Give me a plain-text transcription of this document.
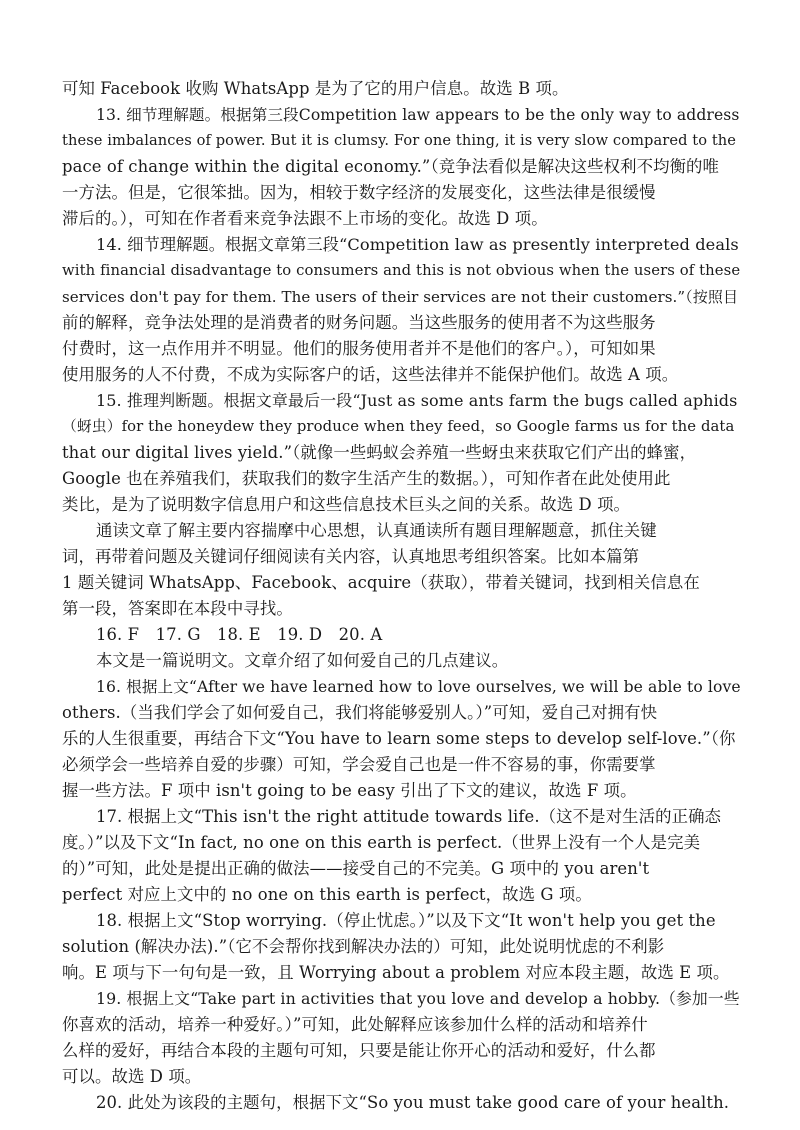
可知 Facebook 收购 WhatsApp 是为了它的用户信息。故选 B 项。
13. 细节理解题。根据第三段Competition law appears to be the only way to address
these imbalances of power. But it is clumsy. For one thing, it is very slow compared to the
pace of change within the digital economy.”（竞争法看似是解决这些权利不均衡的唯
一方法。但是，它很笨拙。因为，相较于数字经济的发展变化，这些法律是很缓慢
滞后的。），可知在作者看来竞争法跟不上市场的变化。故选 D 项。
14. 细节理解题。根据文章第三段“Competition law as presently interpreted deals
with financial disadvantage to consumers and this is not obvious when the users of these
services don't pay for them. The users of their services are not their customers.”（按照目
前的解释，竞争法处理的是消费者的财务问题。当这些服务的使用者不为这些服务
付费时，这一点作用并不明显。他们的服务使用者并不是他们的客户。），可知如果
使用服务的人不付费，不成为实际客户的话，这些法律并不能保护他们。故选 A 项。
15. 推理判断题。根据文章最后一段“Just as some ants farm the bugs called aphids
（蚜虫）for the honeydew they produce when they feed，so Google farms us for the data
that our digital lives yield.”（就像一些蚂蚁会养殖一些蚜虫来获取它们产出的蜂蜜，
Google 也在养殖我们，获取我们的数字生活产生的数据。），可知作者在此处使用此
类比，是为了说明数字信息用户和这些信息技术巨头之间的关系。故选 D 项。
通读文章了解主要内容揣摩中心思想，认真通读所有题目理解题意，抓住关键
词，再带着问题及关键词仔细阅读有关内容，认真地思考组织答案。比如本篇第
1 题关键词 WhatsApp、Facebook、acquire（获取），带着关键词，找到相关信息在
第一段，答案即在本段中寻找。
16. F　17. G　18. E　19. D　20. A
本文是一篇说明文。文章介绍了如何爱自己的几点建议。
16. 根据上文“After we have learned how to love ourselves, we will be able to love
others.（当我们学会了如何爱自己，我们将能够爱别人。）”可知，爱自己对拥有快
乐的人生很重要，再结合下文“You have to learn some steps to develop self-love.”（你
必须学会一些培养自爱的步骤）可知，学会爱自己也是一件不容易的事，你需要掌
握一些方法。F 项中 isn't going to be easy 引出了下文的建议，故选 F 项。
17. 根据上文“This isn't the right attitude towards life.（这不是对生活的正确态
度。）”以及下文“In fact, no one on this earth is perfect.（世界上没有一个人是完美
的）”可知，此处是提出正确的做法——接受自己的不完美。G 项中的 you aren't
perfect 对应上文中的 no one on this earth is perfect，故选 G 项。
18. 根据上文“Stop worrying.（停止忧虑。）”以及下文“It won't help you get the
solution (解决办法).”（它不会帮你找到解决办法的）可知，此处说明忧虑的不利影
响。E 项与下一句句是一致，且 Worrying about a problem 对应本段主题，故选 E 项。
19. 根据上文“Take part in activities that you love and develop a hobby.（参加一些
你喜欢的活动，培养一种爱好。）”可知，此处解释应该参加什么样的活动和培养什
么样的爱好，再结合本段的主题句可知，只要是能让你开心的活动和爱好，什么都
可以。故选 D 项。
20. 此处为该段的主题句，根据下文“So you must take good care of your health.
